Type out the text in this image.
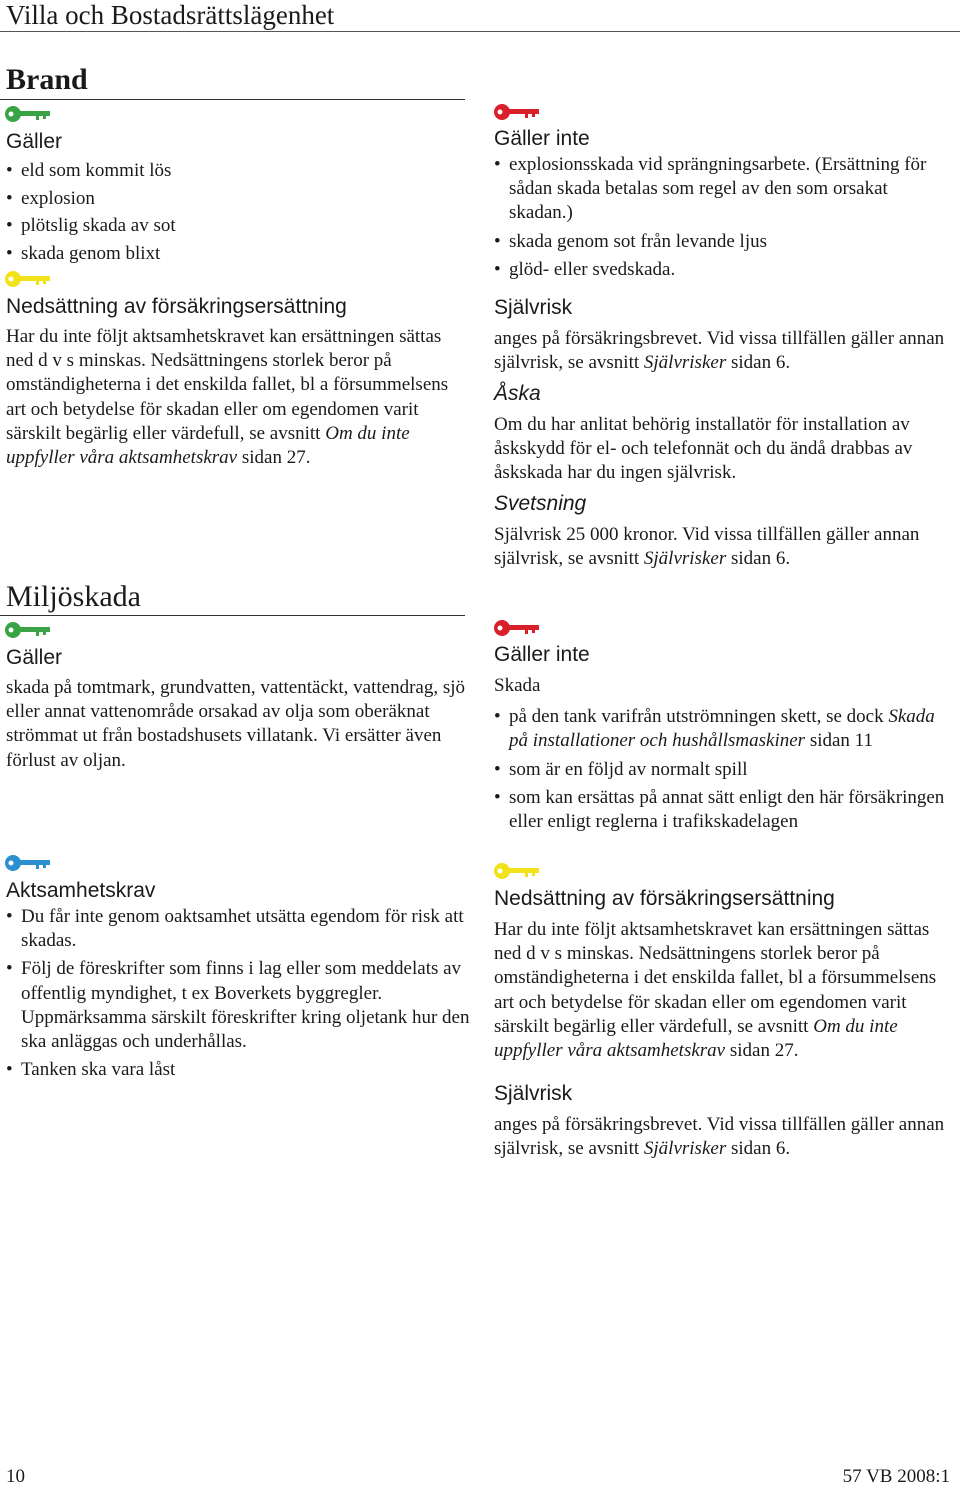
Villa och Bostadsrättslägenhet
Brand
Gäller
• eld som kommit lös
• explosion
• plötslig skada av sot
• skada genom blixt
Nedsättning av försäkringsersättning

Har du inte följt aktsamhetskravet kan ersättningen sättas ned d v s minskas. Nedsättningens storlek beror på omständigheterna i det enskilda fallet, bl a försummelsens art och betydelse för skadan eller om egendomen varit särskilt begärlig eller värdefull, se avsnitt Om du inte uppfyller våra aktsamhetskrav sidan 27.

Miljöskada
Gäller

skada på tomtmark, grundvatten, vattentäckt, vattendrag, sjö eller annat vattenområde orsakad av olja som oberäknat strömmat ut från bostadshusets villatank. Vi ersätter även förlust av oljan.

Aktsamhetskrav
• Du får inte genom oaktsamhet utsätta egendom för risk att skadas.
• Följ de föreskrifter som finns i lag eller som meddelats av offentlig myndighet, t ex Boverkets byggregler. Uppmärksamma särskilt föreskrifter kring oljetank hur den ska anläggas och underhållas.
• Tanken ska vara låst
Gäller inte
• explosionsskada vid sprängningsarbete. (Ersättning för sådan skada betalas som regel av den som orsakat skadan.)
• skada genom sot från levande ljus
• glöd- eller svedskada.
Självrisk

anges på försäkringsbrevet. Vid vissa tillfällen gäller annan självrisk, se avsnitt Självrisker sidan 6.

Åska

Om du har anlitat behörig installatör för installation av åskskydd för el- och telefonnät och du ändå drabbas av åskskada har du ingen självrisk.

Svetsning

Självrisk 25 000 kronor. Vid vissa tillfällen gäller annan självrisk, se avsnitt Självrisker sidan 6.

Gäller inte

Skada

• på den tank varifrån utströmningen skett, se dock Skada på installationer och hushållsmaskiner sidan 11
• som är en följd av normalt spill
• som kan ersättas på annat sätt enligt den här försäkringen eller enligt reglerna i trafikskadelagen
Nedsättning av försäkringsersättning

Har du inte följt aktsamhetskravet kan ersättningen sättas ned d v s minskas. Nedsättningens storlek beror på omständigheterna i det enskilda fallet, bl a försummelsens art och betydelse för skadan eller om egendomen varit särskilt begärlig eller värdefull, se avsnitt Om du inte uppfyller våra aktsamhetskrav sidan 27.

Självrisk

anges på försäkringsbrevet. Vid vissa tillfällen gäller annan självrisk, se avsnitt Självrisker sidan 6.

10	57 VB 2008:1
